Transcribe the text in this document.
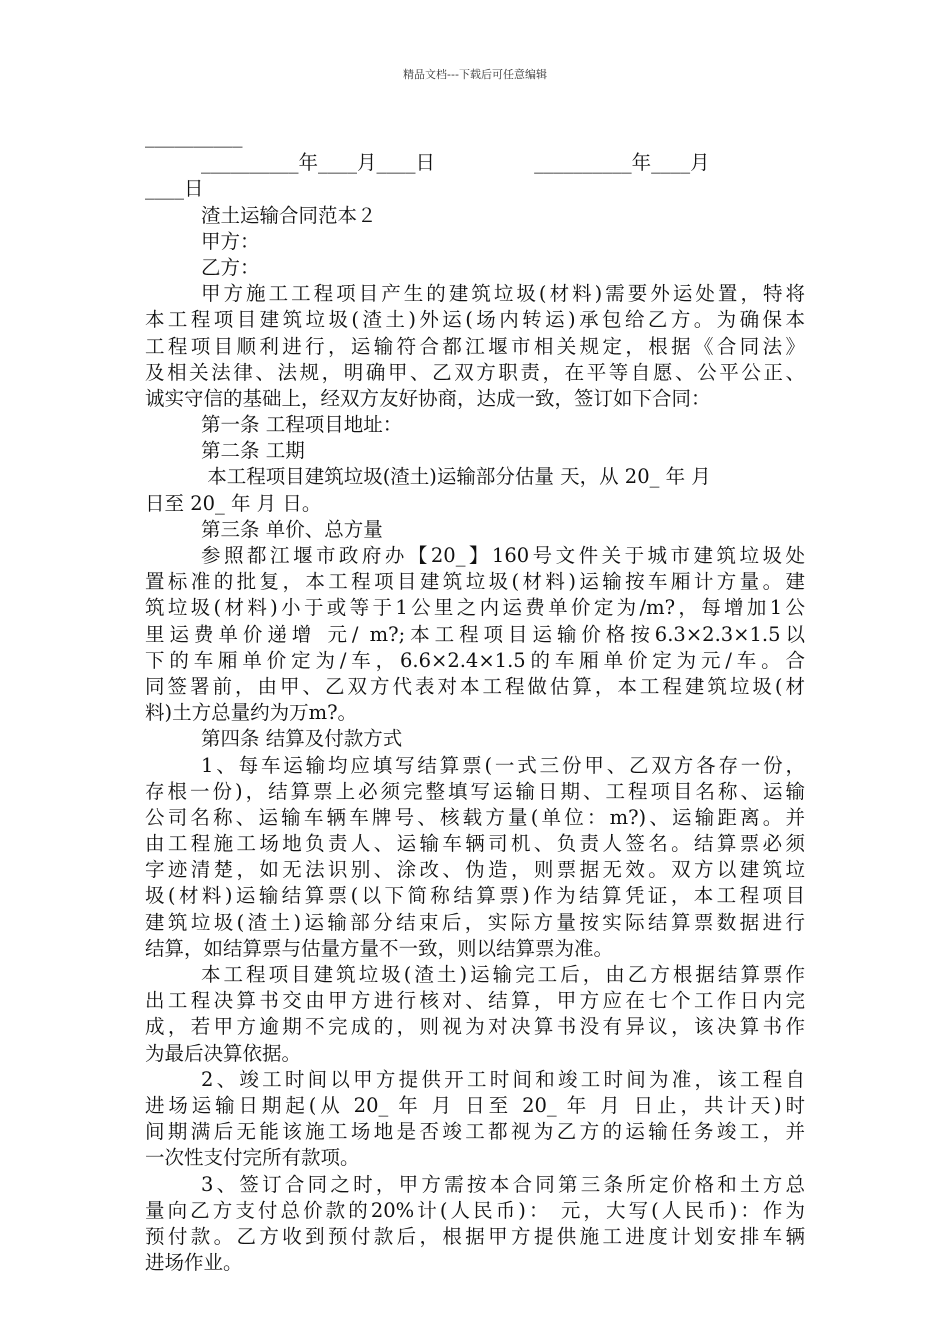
精品文档---下载后可任意编辑
__________
__________年____月____日                __________年____月
____日
渣土运输合同范本２
甲方：
乙方：
甲方施工工程项目产生的建筑垃圾(材料)需要外运处置，特将
本工程项目建筑垃圾(渣土)外运(场内转运)承包给乙方。为确保本
工程项目顺利进行，运输符合都江堰市相关规定，根据《合同法》
及相关法律、法规，明确甲、乙双方职责，在平等自愿、公平公正、
诚实守信的基础上，经双方友好协商，达成一致，签订如下合同：
第一条 工程项目地址：
第二条 工期
本工程项目建筑垃圾(渣土)运输部分估量 天，从 20_ 年 月
日至 20_ 年 月 日。
第三条 单价、总方量
参照都江堰市政府办【20_】160号文件关于城市建筑垃圾处
置标准的批复，本工程项目建筑垃圾(材料)运输按车厢计方量。建
筑垃圾(材料)小于或等于1公里之内运费单价定为/m?，每增加1公
里运费单价递增 元/ m?;本工程项目运输价格按6.3×2.3×1.5以
下的车厢单价定为/车，6.6×2.4×1.5的车厢单价定为元/车。合
同签署前，由甲、乙双方代表对本工程做估算，本工程建筑垃圾(材
料)土方总量约为万m?。
第四条 结算及付款方式
1、每车运输均应填写结算票(一式三份甲、乙双方各存一份，
存根一份)，结算票上必须完整填写运输日期、工程项目名称、运输
公司名称、运输车辆车牌号、核载方量(单位：m?)、运输距离。并
由工程施工场地负责人、运输车辆司机、负责人签名。结算票必须
字迹清楚，如无法识别、涂改、伪造，则票据无效。双方以建筑垃
圾(材料)运输结算票(以下简称结算票)作为结算凭证，本工程项目
建筑垃圾(渣土)运输部分结束后，实际方量按实际结算票数据进行
结算，如结算票与估量方量不一致，则以结算票为准。
本工程项目建筑垃圾(渣土)运输完工后，由乙方根据结算票作
出工程决算书交由甲方进行核对、结算，甲方应在七个工作日内完
成，若甲方逾期不完成的，则视为对决算书没有异议，该决算书作
为最后决算依据。
2、竣工时间以甲方提供开工时间和竣工时间为准，该工程自
进场运输日期起(从 20_ 年 月 日至 20_ 年 月 日止，共计天)时
间期满后无能该施工场地是否竣工都视为乙方的运输任务竣工，并
一次性支付完所有款项。
3、签订合同之时，甲方需按本合同第三条所定价格和土方总
量向乙方支付总价款的20%计(人民币)： 元，大写(人民币)：作为
预付款。乙方收到预付款后，根据甲方提供施工进度计划安排车辆
进场作业。
